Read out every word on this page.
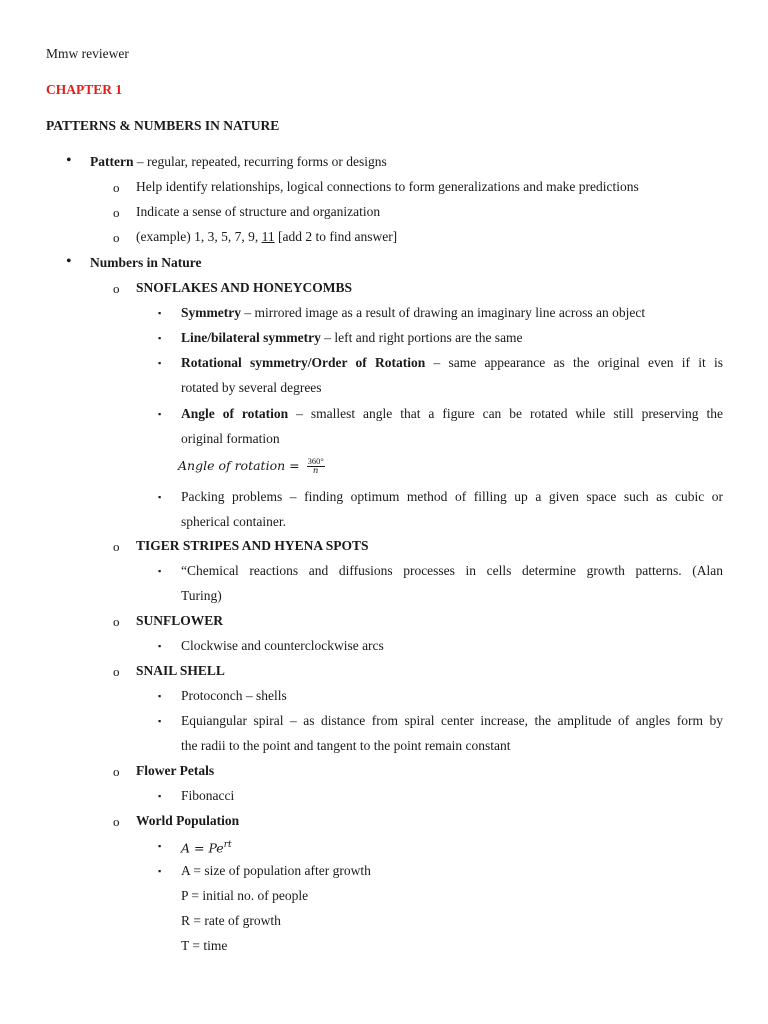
Mmw reviewer
CHAPTER 1
PATTERNS & NUMBERS IN NATURE
• Pattern – regular, repeated, recurring forms or designs
o Help identify relationships, logical connections to form generalizations and make predictions
o Indicate a sense of structure and organization
o (example) 1, 3, 5, 7, 9, 11 [add 2 to find answer]
• Numbers in Nature
o SNOFLAKES AND HONEYCOMBS
▪ Symmetry – mirrored image as a result of drawing an imaginary line across an object
▪ Line/bilateral symmetry – left and right portions are the same
▪ Rotational symmetry/Order of Rotation – same appearance as the original even if it is
rotated by several degrees
▪ Angle of rotation – smallest angle that a figure can be rotated while still preserving the
original formation
Angle of rotation = $\frac{360^\circ}{n}$
▪ Packing problems – finding optimum method of filling up a given space such as cubic or
spherical container.
o TIGER STRIPES AND HYENA SPOTS
▪ “Chemical reactions and diffusions processes in cells determine growth patterns. (Alan
Turing)
o SUNFLOWER
▪ Clockwise and counterclockwise arcs
o SNAIL SHELL
▪ Protoconch – shells
▪ Equiangular spiral – as distance from spiral center increase, the amplitude of angles form by
the radii to the point and tangent to the point remain constant
o Flower Petals
▪ Fibonacci
o World Population
▪ $A = Pe^{rt}$
▪ A = size of population after growth
P = initial no. of people
R = rate of growth
T = time
